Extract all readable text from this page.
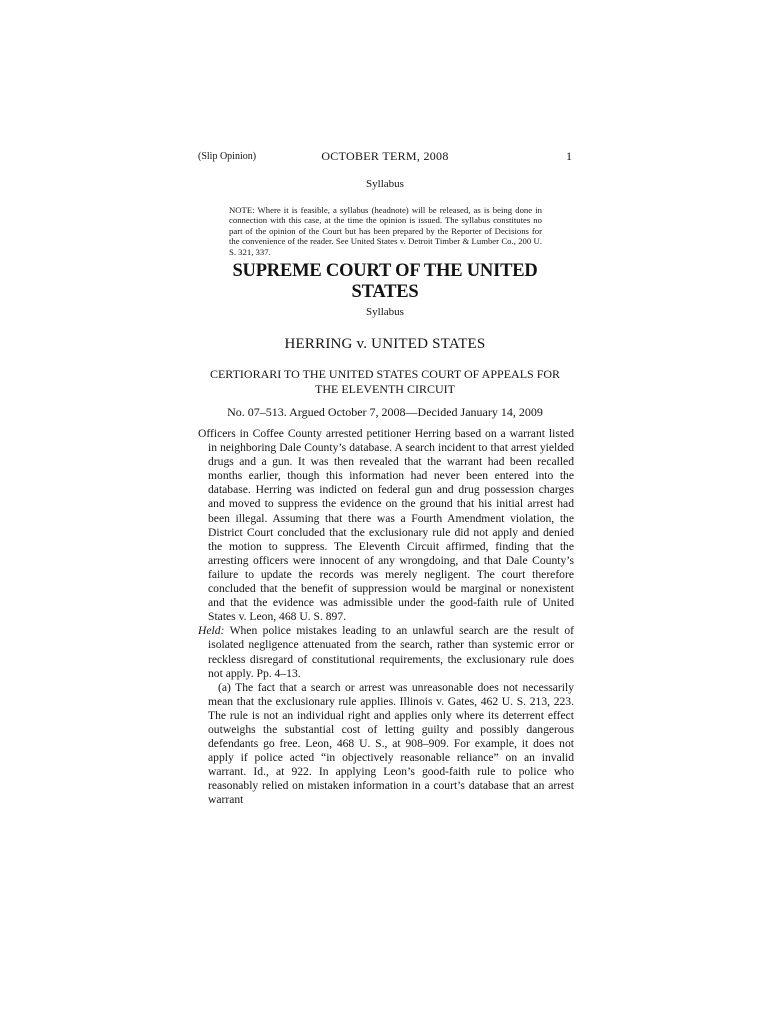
(Slip Opinion)	OCTOBER TERM, 2008	1
Syllabus
NOTE: Where it is feasible, a syllabus (headnote) will be released, as is being done in connection with this case, at the time the opinion is issued. The syllabus constitutes no part of the opinion of the Court but has been prepared by the Reporter of Decisions for the convenience of the reader. See United States v. Detroit Timber & Lumber Co., 200 U. S. 321, 337.
SUPREME COURT OF THE UNITED STATES
Syllabus
HERRING v. UNITED STATES
CERTIORARI TO THE UNITED STATES COURT OF APPEALS FOR THE ELEVENTH CIRCUIT
No. 07–513. Argued October 7, 2008—Decided January 14, 2009

Officers in Coffee County arrested petitioner Herring based on a warrant listed in neighboring Dale County’s database. A search incident to that arrest yielded drugs and a gun. It was then revealed that the warrant had been recalled months earlier, though this information had never been entered into the database. Herring was indicted on federal gun and drug possession charges and moved to suppress the evidence on the ground that his initial arrest had been illegal. Assuming that there was a Fourth Amendment violation, the District Court concluded that the exclusionary rule did not apply and denied the motion to suppress. The Eleventh Circuit affirmed, finding that the arresting officers were innocent of any wrongdoing, and that Dale County’s failure to update the records was merely negligent. The court therefore concluded that the benefit of suppression would be marginal or nonexistent and that the evidence was admissible under the good-faith rule of United States v. Leon, 468 U. S. 897.

Held: When police mistakes leading to an unlawful search are the result of isolated negligence attenuated from the search, rather than systemic error or reckless disregard of constitutional requirements, the exclusionary rule does not apply. Pp. 4–13.

(a) The fact that a search or arrest was unreasonable does not necessarily mean that the exclusionary rule applies. Illinois v. Gates, 462 U. S. 213, 223. The rule is not an individual right and applies only where its deterrent effect outweighs the substantial cost of letting guilty and possibly dangerous defendants go free. Leon, 468 U. S., at 908–909. For example, it does not apply if police acted “in objectively reasonable reliance” on an invalid warrant. Id., at 922. In applying Leon’s good-faith rule to police who reasonably relied on mistaken information in a court’s database that an arrest warrant
